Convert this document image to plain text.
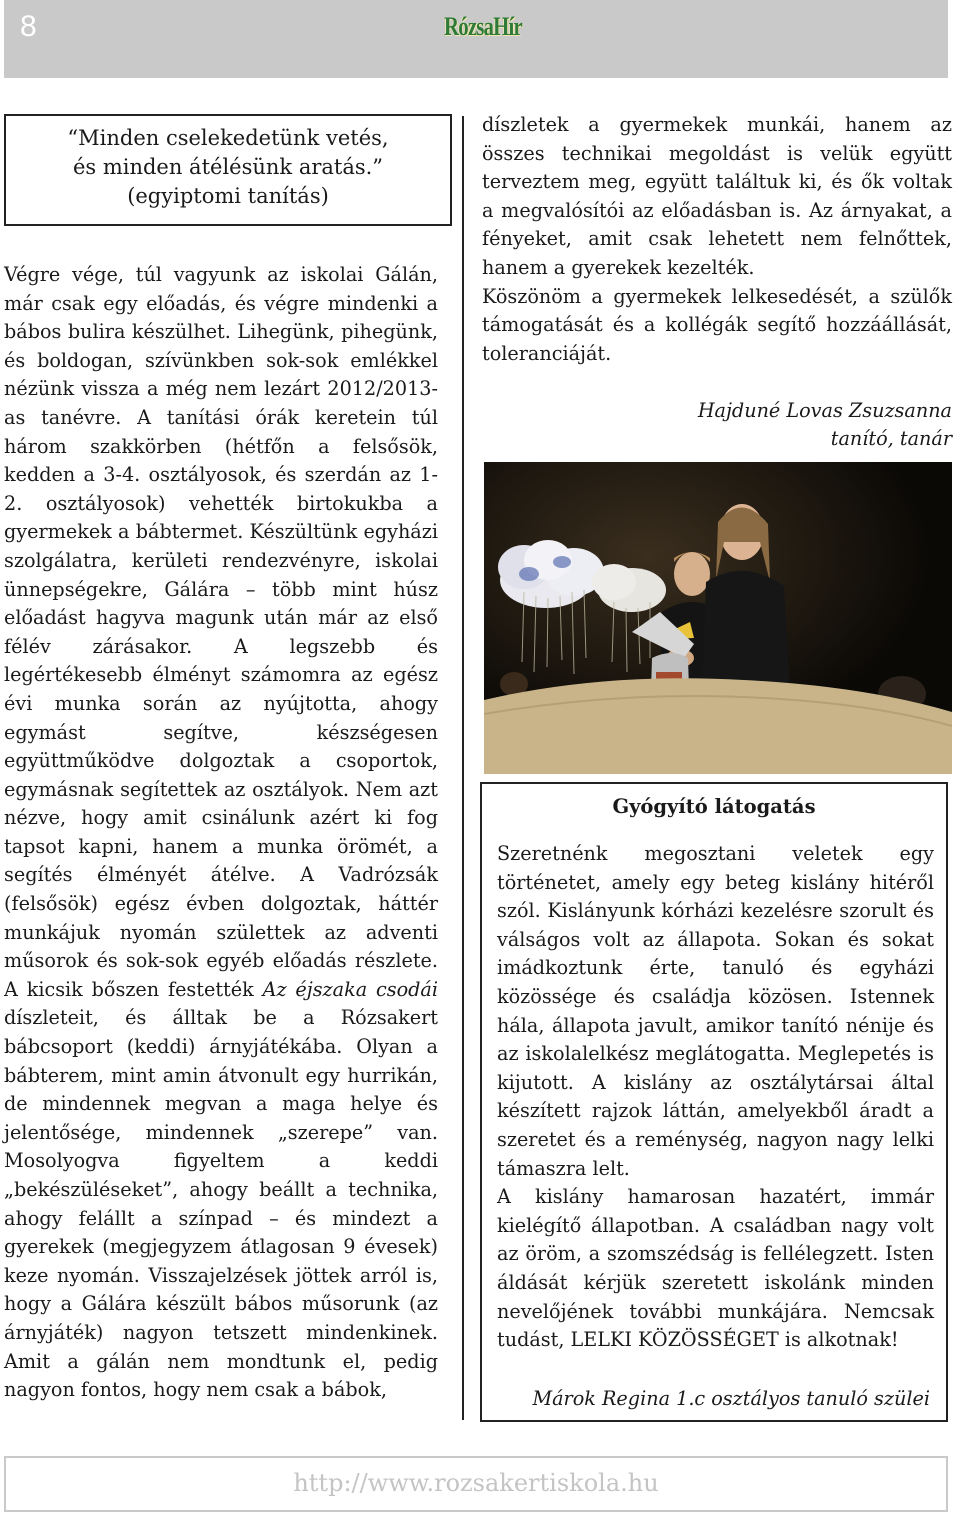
8	RózsaHír
“Minden cselekedetünk vetés,
és minden átélésünk aratás.”
(egyiptomi tanítás)

Végre vége, túl vagyunk az iskolai Gálán, már csak egy előadás, és végre mindenki a bábos bulira készülhet. Lihegünk, pihegünk, és boldogan, szívünkben sok-sok emlékkel nézünk vissza a még nem lezárt 2012/2013-as tanévre. A tanítási órák keretein túl három szakkörben (hétfőn a felsősök, kedden a 3-4. osztályosok, és szerdán az 1-2. osztályosok) vehették birtokukba a gyermekek a bábtermet. Készültünk egyházi szolgálatra, kerületi rendezvényre, iskolai ünnepségekre, Gálára – több mint húsz előadást hagyva magunk után már az első félév zárásakor. A legszebb és legértékesebb élményt számomra az egész évi munka során az nyújtotta, ahogy egymást segítve, készségesen együttműködve dolgoztak a csoportok, egymásnak segítettek az osztályok. Nem azt nézve, hogy amit csinálunk azért ki fog tapsot kapni, hanem a munka örömét, a segítés élményét átélve. A Vadrózsák (felsősök) egész évben dolgoztak, háttér munkájuk nyomán születtek az adventi műsorok és sok-sok egyéb előadás részlete. A kicsik bőszen festették Az éjszaka csodái díszleteit, és álltak be a Rózsakert bábcsoport (keddi) árnyjátékába. Olyan a bábterem, mint amin átvonult egy hurrikán, de mindennek megvan a maga helye és jelentősége, mindennek „szerepe” van. Mosolyogva figyeltem a keddi „bekészüléseket”, ahogy beállt a technika, ahogy felállt a színpad – és mindezt a gyerekek (megjegyzem átlagosan 9 évesek) keze nyomán. Visszajelzések jöttek arról is, hogy a Gálára készült bábos műsorunk (az árnyjáték) nagyon tetszett mindenkinek. Amit a gálán nem mondtunk el, pedig nagyon fontos, hogy nem csak a bábok,

díszletek a gyermekek munkái, hanem az összes technikai megoldást is velük együtt terveztem meg, együtt találtuk ki, és ők voltak a megvalósítói az előadásban is. Az árnyakat, a fényeket, amit csak lehetett nem felnőttek, hanem a gyerekek kezelték.

Köszönöm a gyermekek lelkesedését, a szülők támogatását és a kollégák segítő hozzáállását, toleranciáját.

Hajduné Lovas Zsuzsanna
tanító, tanár
Gyógyító látogatás

Szeretnénk megosztani veletek egy történetet, amely egy beteg kislány hitéről szól. Kislányunk kórházi kezelésre szorult és válságos volt az állapota. Sokan és sokat imádkoztunk érte, tanuló és egyházi közössége és családja közösen. Istennek hála, állapota javult, amikor tanító nénije és az iskolalelkész meglátogatta. Meglepetés is kijutott. A kislány az osztálytársai által készített rajzok láttán, amelyekből áradt a szeretet és a reménység, nagyon nagy lelki támaszra lelt.

A kislány hamarosan hazatért, immár kielégítő állapotban. A családban nagy volt az öröm, a szomszédság is fellélegzett. Isten áldását kérjük szeretett iskolánk minden nevelőjének további munkájára. Nemcsak tudást, LELKI KÖZÖSSÉGET is alkotnak!

Márok Regina 1.c osztályos tanuló szülei
http://www.rozsakertiskola.hu
